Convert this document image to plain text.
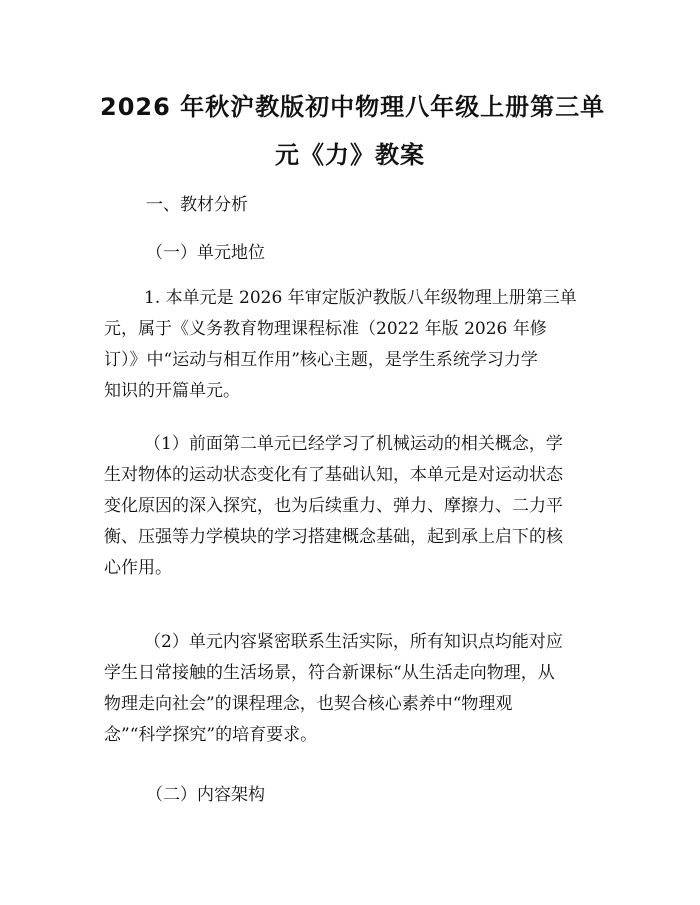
2026 年秋沪教版初中物理八年级上册第三单
元《力》教案
一、教材分析
（一）单元地位
1. 本单元是 2026 年审定版沪教版八年级物理上册第三单
元，属于《义务教育物理课程标准（2022 年版 2026 年修
订）》中“运动与相互作用”核心主题，是学生系统学习力学
知识的开篇单元。
（1）前面第二单元已经学习了机械运动的相关概念，学
生对物体的运动状态变化有了基础认知，本单元是对运动状态
变化原因的深入探究，也为后续重力、弹力、摩擦力、二力平
衡、压强等力学模块的学习搭建概念基础，起到承上启下的核
心作用。
（2）单元内容紧密联系生活实际，所有知识点均能对应
学生日常接触的生活场景，符合新课标“从生活走向物理，从
物理走向社会”的课程理念，也契合核心素养中“物理观
念”“科学探究”的培育要求。
（二）内容架构
